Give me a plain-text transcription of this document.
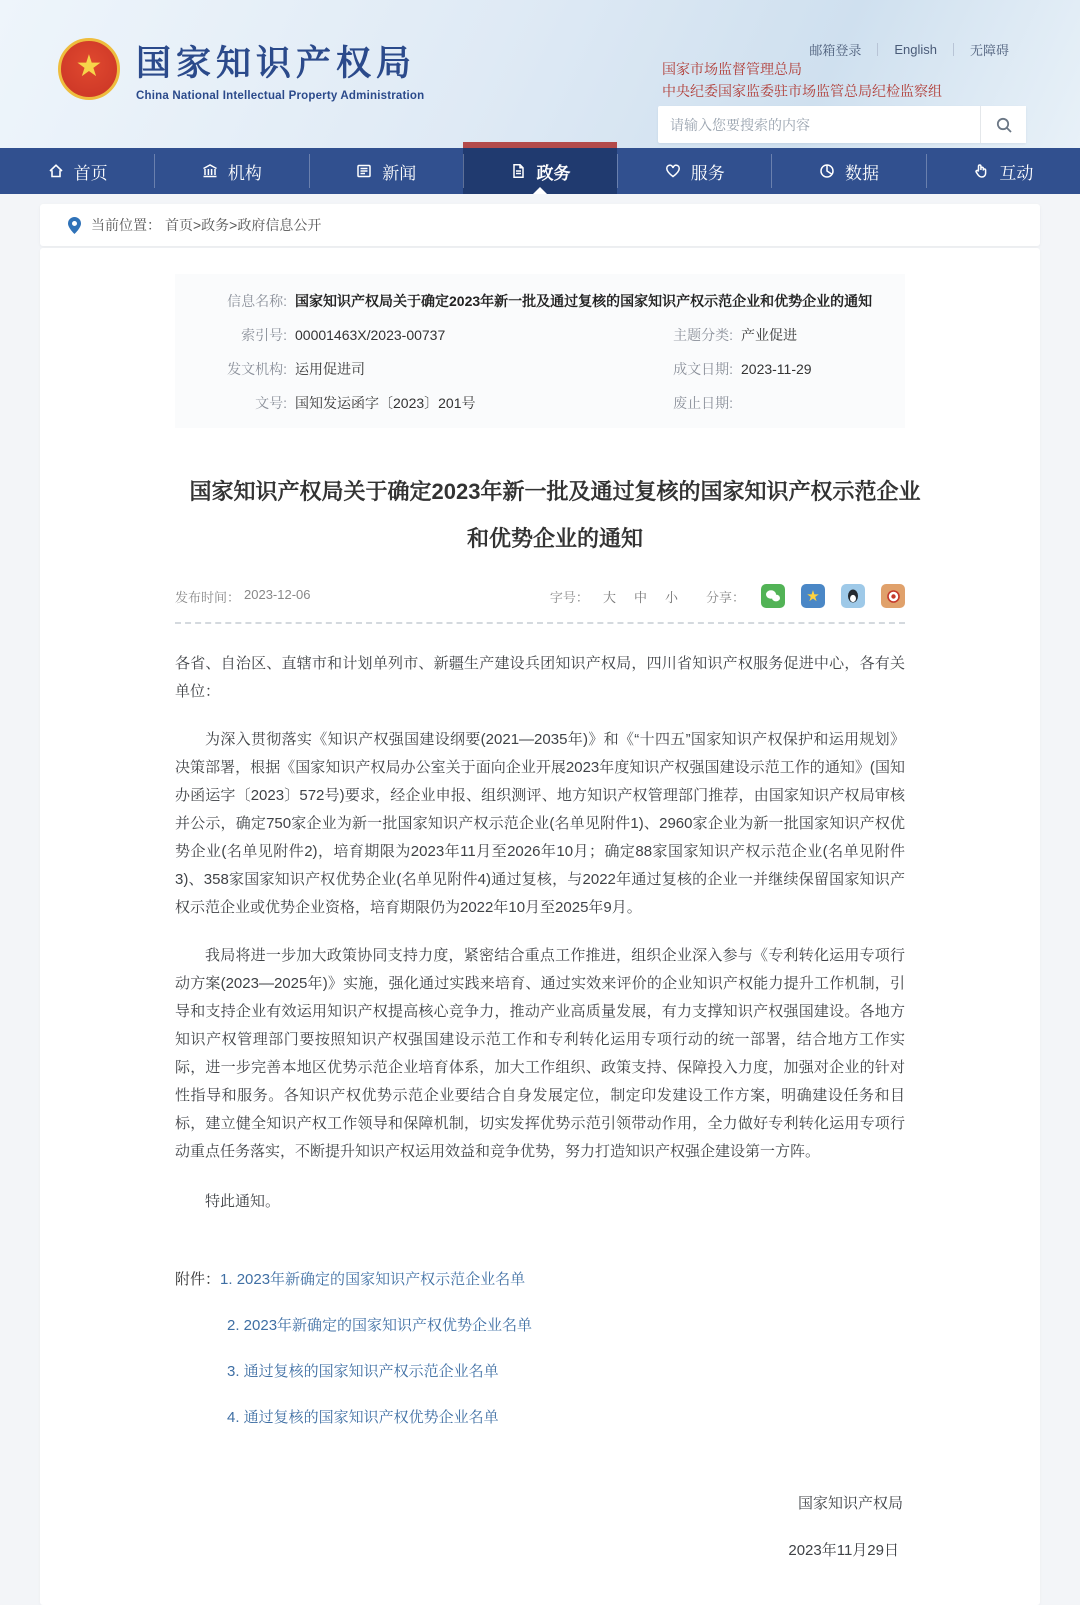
★ 国家知识产权局
China National Intellectual Property Administration
邮箱登录	English	无障碍
国家市场监督管理总局
中央纪委国家监委驻市场监管总局纪检监察组
请输入您要搜索的内容
首页	机构	新闻	政务	服务	数据	互动
当前位置： 首页>政务>政府信息公开
信息名称: 国家知识产权局关于确定2023年新一批及通过复核的国家知识产权示范企业和优势企业的通知
索引号: 00001463X/2023-00737	主题分类: 产业促进
发文机构: 运用促进司	成文日期: 2023-11-29
文号: 国知发运函字〔2023〕201号	废止日期:
国家知识产权局关于确定2023年新一批及通过复核的国家知识产权示范企业
和优势企业的通知
发布时间： 2023-12-06	字号：	大	中	小	分享：	★

各省、自治区、直辖市和计划单列市、新疆生产建设兵团知识产权局，四川省知识产权服务促进中心，各有关单位：

为深入贯彻落实《知识产权强国建设纲要(2021—2035年)》和《“十四五”国家知识产权保护和运用规划》决策部署，根据《国家知识产权局办公室关于面向企业开展2023年度知识产权强国建设示范工作的通知》(国知办函运字〔2023〕572号)要求，经企业申报、组织测评、地方知识产权管理部门推荐，由国家知识产权局审核并公示，确定750家企业为新一批国家知识产权示范企业(名单见附件1)、2960家企业为新一批国家知识产权优势企业(名单见附件2)，培育期限为2023年11月至2026年10月；确定88家国家知识产权示范企业(名单见附件3)、358家国家知识产权优势企业(名单见附件4)通过复核，与2022年通过复核的企业一并继续保留国家知识产权示范企业或优势企业资格，培育期限仍为2022年10月至2025年9月。

我局将进一步加大政策协同支持力度，紧密结合重点工作推进，组织企业深入参与《专利转化运用专项行动方案(2023—2025年)》实施，强化通过实践来培育、通过实效来评价的企业知识产权能力提升工作机制，引导和支持企业有效运用知识产权提高核心竞争力，推动产业高质量发展，有力支撑知识产权强国建设。各地方知识产权管理部门要按照知识产权强国建设示范工作和专利转化运用专项行动的统一部署，结合地方工作实际，进一步完善本地区优势示范企业培育体系，加大工作组织、政策支持、保障投入力度，加强对企业的针对性指导和服务。各知识产权优势示范企业要结合自身发展定位，制定印发建设工作方案，明确建设任务和目标，建立健全知识产权工作领导和保障机制，切实发挥优势示范引领带动作用，全力做好专利转化运用专项行动重点任务落实，不断提升知识产权运用效益和竞争优势，努力打造知识产权强企建设第一方阵。

特此通知。

附件： 1. 2023年新确定的国家知识产权示范企业名单
2. 2023年新确定的国家知识产权优势企业名单
3. 通过复核的国家知识产权示范企业名单
4. 通过复核的国家知识产权优势企业名单
国家知识产权局
2023年11月29日
